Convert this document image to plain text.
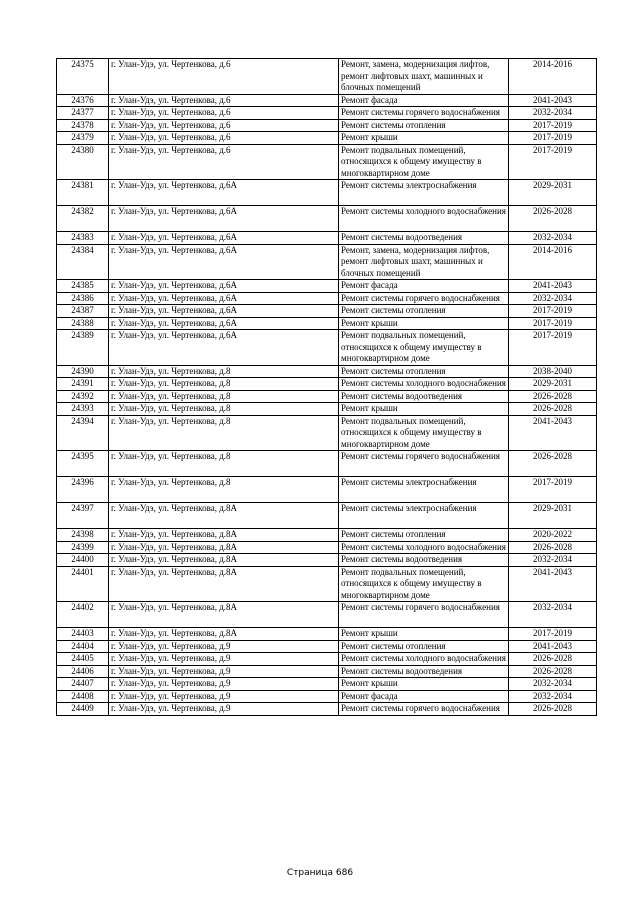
24375	г. Улан-Удэ, ул. Чертенкова, д.6	Ремонт, замена, модернизация лифтов, ремонт лифтовых шахт, машинных и блочных помещений	2014-2016
24376	г. Улан-Удэ, ул. Чертенкова, д.6	Ремонт фасада	2041-2043
24377	г. Улан-Удэ, ул. Чертенкова, д.6	Ремонт системы горячего водоснабжения	2032-2034
24378	г. Улан-Удэ, ул. Чертенкова, д.6	Ремонт системы отопления	2017-2019
24379	г. Улан-Удэ, ул. Чертенкова, д.6	Ремонт крыши	2017-2019
24380	г. Улан-Удэ, ул. Чертенкова, д.6	Ремонт подвальных помещений, относящихся к общему имуществу в многоквартирном доме	2017-2019
24381	г. Улан-Удэ, ул. Чертенкова, д.6А	Ремонт системы электроснабжения	2029-2031
24382	г. Улан-Удэ, ул. Чертенкова, д.6А	Ремонт системы холодного водоснабжения	2026-2028
24383	г. Улан-Удэ, ул. Чертенкова, д.6А	Ремонт системы водоотведения	2032-2034
24384	г. Улан-Удэ, ул. Чертенкова, д.6А	Ремонт, замена, модернизация лифтов, ремонт лифтовых шахт, машинных и блочных помещений	2014-2016
24385	г. Улан-Удэ, ул. Чертенкова, д.6А	Ремонт фасада	2041-2043
24386	г. Улан-Удэ, ул. Чертенкова, д.6А	Ремонт системы горячего водоснабжения	2032-2034
24387	г. Улан-Удэ, ул. Чертенкова, д.6А	Ремонт системы отопления	2017-2019
24388	г. Улан-Удэ, ул. Чертенкова, д.6А	Ремонт крыши	2017-2019
24389	г. Улан-Удэ, ул. Чертенкова, д.6А	Ремонт подвальных помещений, относящихся к общему имуществу в многоквартирном доме	2017-2019
24390	г. Улан-Удэ, ул. Чертенкова, д.8	Ремонт системы отопления	2038-2040
24391	г. Улан-Удэ, ул. Чертенкова, д.8	Ремонт системы холодного водоснабжения	2029-2031
24392	г. Улан-Удэ, ул. Чертенкова, д.8	Ремонт системы водоотведения	2026-2028
24393	г. Улан-Удэ, ул. Чертенкова, д.8	Ремонт крыши	2026-2028
24394	г. Улан-Удэ, ул. Чертенкова, д.8	Ремонт подвальных помещений, относящихся к общему имуществу в многоквартирном доме	2041-2043
24395	г. Улан-Удэ, ул. Чертенкова, д.8	Ремонт системы горячего водоснабжения	2026-2028
24396	г. Улан-Удэ, ул. Чертенкова, д.8	Ремонт системы электроснабжения	2017-2019
24397	г. Улан-Удэ, ул. Чертенкова, д.8А	Ремонт системы электроснабжения	2029-2031
24398	г. Улан-Удэ, ул. Чертенкова, д.8А	Ремонт системы отопления	2020-2022
24399	г. Улан-Удэ, ул. Чертенкова, д.8А	Ремонт системы холодного водоснабжения	2026-2028
24400	г. Улан-Удэ, ул. Чертенкова, д.8А	Ремонт системы водоотведения	2032-2034
24401	г. Улан-Удэ, ул. Чертенкова, д.8А	Ремонт подвальных помещений, относящихся к общему имуществу в многоквартирном доме	2041-2043
24402	г. Улан-Удэ, ул. Чертенкова, д.8А	Ремонт системы горячего водоснабжения	2032-2034
24403	г. Улан-Удэ, ул. Чертенкова, д.8А	Ремонт крыши	2017-2019
24404	г. Улан-Удэ, ул. Чертенкова, д.9	Ремонт системы отопления	2041-2043
24405	г. Улан-Удэ, ул. Чертенкова, д.9	Ремонт системы холодного водоснабжения	2026-2028
24406	г. Улан-Удэ, ул. Чертенкова, д.9	Ремонт системы водоотведения	2026-2028
24407	г. Улан-Удэ, ул. Чертенкова, д.9	Ремонт крыши	2032-2034
24408	г. Улан-Удэ, ул. Чертенкова, д.9	Ремонт фасада	2032-2034
24409	г. Улан-Удэ, ул. Чертенкова, д.9	Ремонт системы горячего водоснабжения	2026-2028
Страница 686
